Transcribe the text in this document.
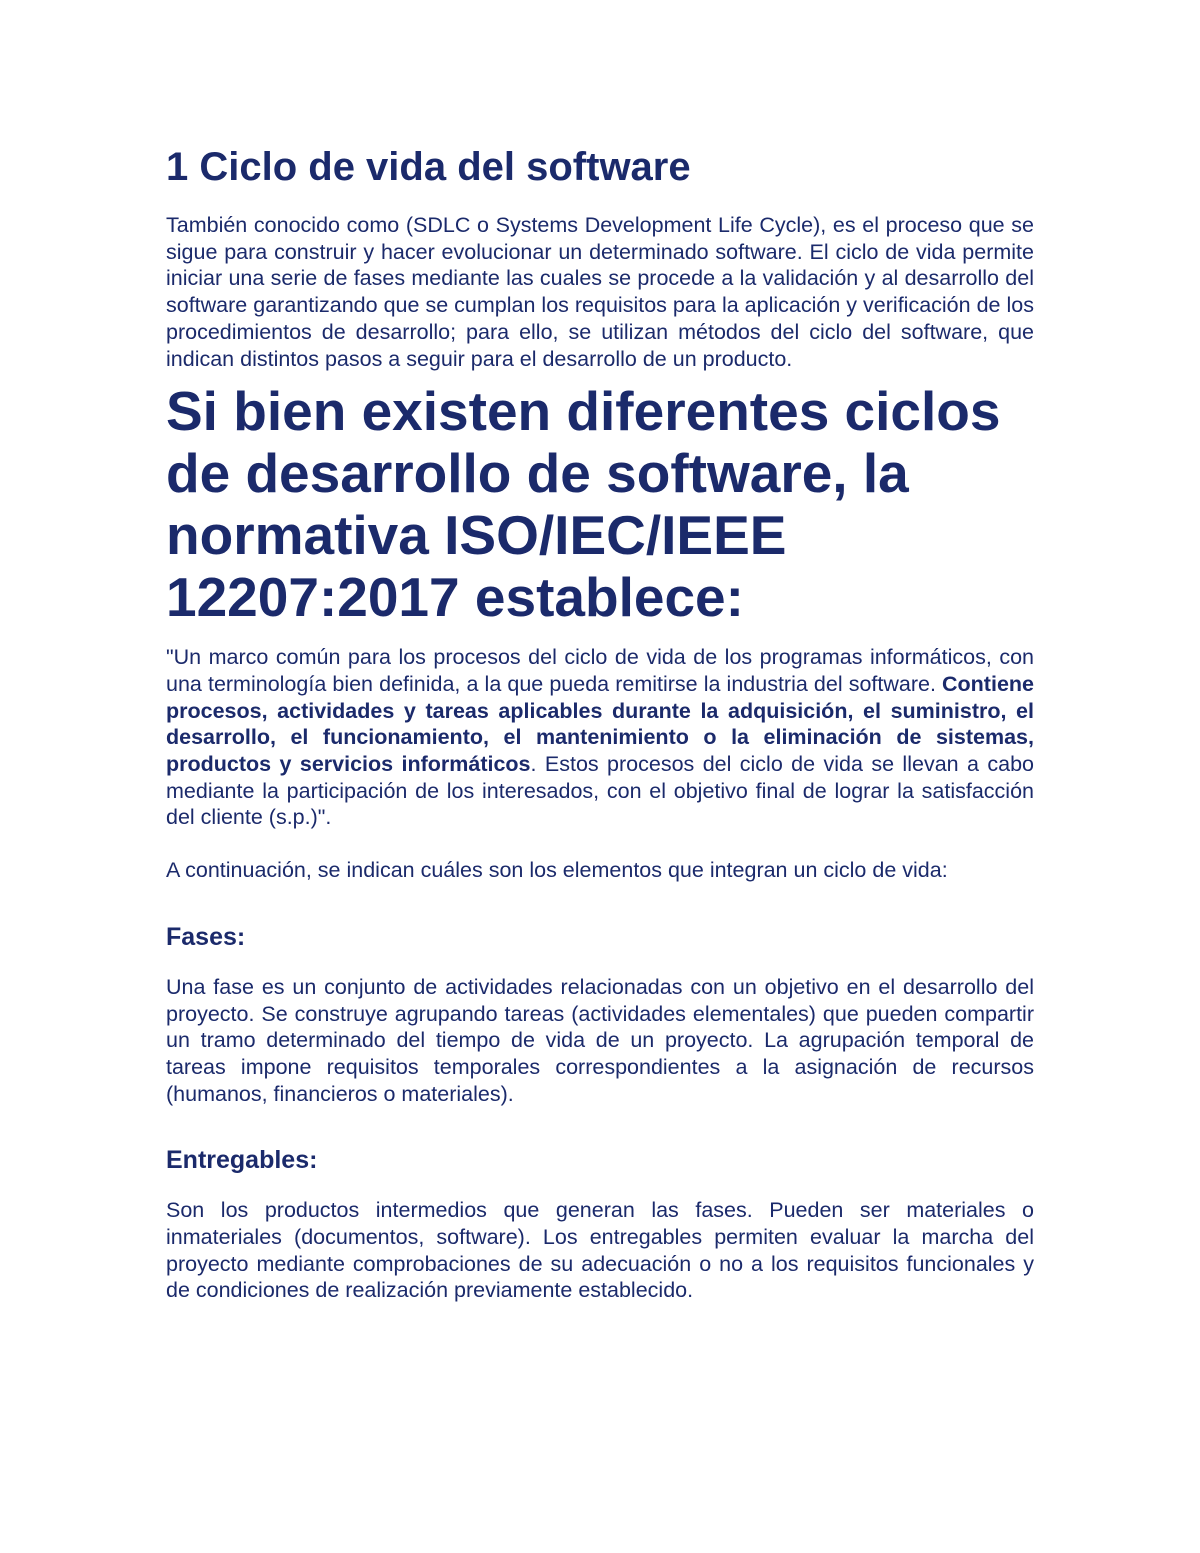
1 Ciclo de vida del software

También conocido como (SDLC o Systems Development Life Cycle), es el proceso que se sigue para construir y hacer evolucionar un determinado software. El ciclo de vida permite iniciar una serie de fases mediante las cuales se procede a la validación y al desarrollo del software garantizando que se cumplan los requisitos para la aplicación y verificación de los procedimientos de desarrollo; para ello, se utilizan métodos del ciclo del software, que indican distintos pasos a seguir para el desarrollo de un producto.

Si bien existen diferentes ciclos de desarrollo de software, la normativa ISO/IEC/IEEE 12207:2017 establece:

"Un marco común para los procesos del ciclo de vida de los programas informáticos, con una terminología bien definida, a la que pueda remitirse la industria del software. Contiene procesos, actividades y tareas aplicables durante la adquisición, el suministro, el desarrollo, el funcionamiento, el mantenimiento o la eliminación de sistemas, productos y servicios informáticos. Estos procesos del ciclo de vida se llevan a cabo mediante la participación de los interesados, con el objetivo final de lograr la satisfacción del cliente (s.p.)".

A continuación, se indican cuáles son los elementos que integran un ciclo de vida:

Fases:

Una fase es un conjunto de actividades relacionadas con un objetivo en el desarrollo del proyecto. Se construye agrupando tareas (actividades elementales) que pueden compartir un tramo determinado del tiempo de vida de un proyecto. La agrupación temporal de tareas impone requisitos temporales correspondientes a la asignación de recursos (humanos, financieros o materiales).

Entregables:

Son los productos intermedios que generan las fases. Pueden ser materiales o inmateriales (documentos, software). Los entregables permiten evaluar la marcha del proyecto mediante comprobaciones de su adecuación o no a los requisitos funcionales y de condiciones de realización previamente establecido.
